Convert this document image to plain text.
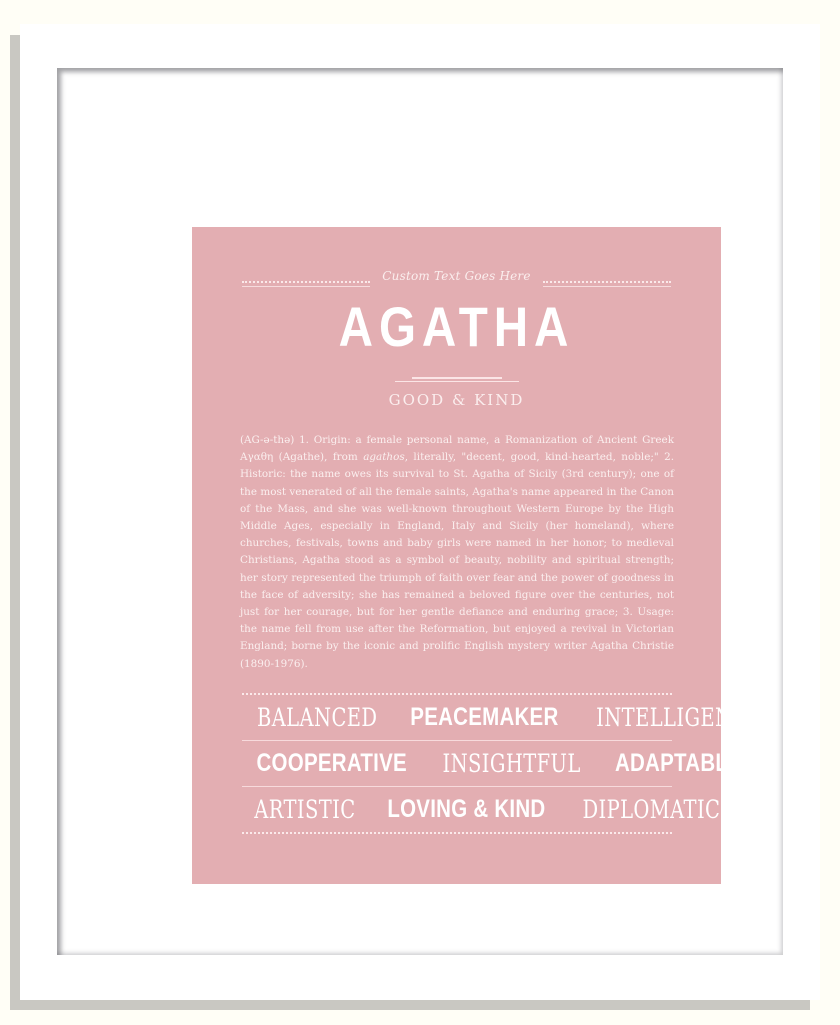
Custom Text Goes Here
AGATHA
GOOD & KIND
(AG-ə-thə) 1. Origin: a female personal name, a Romanization of Ancient Greek Αγαθη (Agathe), from agathos, literally, "decent, good, kind-hearted, noble;" 2. Historic: the name owes its survival to St. Agatha of Sicily (3rd century); one of the most venerated of all the female saints, Agatha's name appeared in the Canon of the Mass, and she was well-known throughout Western Europe by the High Middle Ages, especially in England, Italy and Sicily (her homeland), where churches, festivals, towns and baby girls were named in her honor; to medieval Christians, Agatha stood as a symbol of beauty, nobility and spiritual strength; her story represented the triumph of faith over fear and the power of goodness in the face of adversity; she has remained a beloved figure over the centuries, not just for her courage, but for her gentle defiance and enduring grace; 3. Usage: the name fell from use after the Reformation, but enjoyed a revival in Victorian England; borne by the iconic and prolific English mystery writer Agatha Christie (1890-1976).
BALANCED PEACEMAKER INTELLIGENT
COOPERATIVE INSIGHTFUL ADAPTABLE
ARTISTIC LOVING & KIND DIPLOMATIC
